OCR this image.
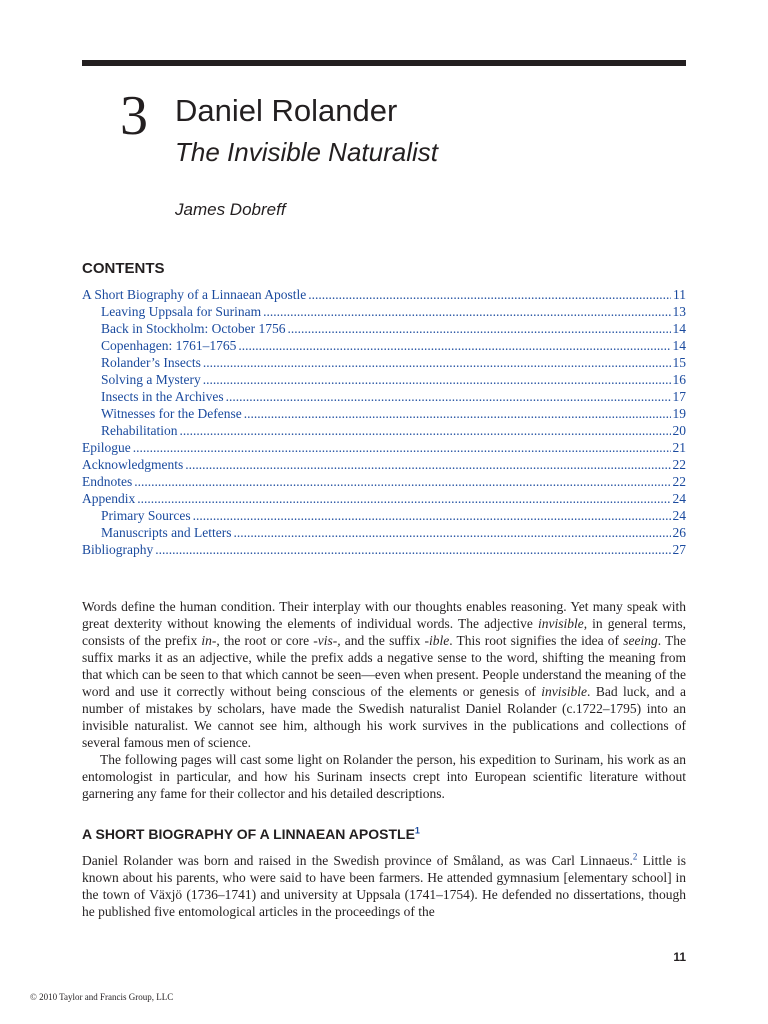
3 Daniel Rolander
The Invisible Naturalist
James Dobreff
CONTENTS
A Short Biography of a Linnaean Apostle .....	11
Leaving Uppsala for Surinam .....	13
Back in Stockholm: October 1756 .....	14
Copenhagen: 1761–1765 .....	14
Rolander’s Insects .....	15
Solving a Mystery .....	16
Insects in the Archives .....	17
Witnesses for the Defense .....	19
Rehabilitation .....	20
Epilogue .....	21
Acknowledgments .....	22
Endnotes .....	22
Appendix .....	24
Primary Sources .....	24
Manuscripts and Letters .....	26
Bibliography .....	27
Words define the human condition. Their interplay with our thoughts enables reasoning. Yet many speak with great dexterity without knowing the elements of individual words. The adjective invisible, in general terms, consists of the prefix in-, the root or core -vis-, and the suffix -ible. This root signifies the idea of seeing. The suffix marks it as an adjective, while the prefix adds a negative sense to the word, shifting the meaning from that which can be seen to that which cannot be seen—even when present. People understand the meaning of the word and use it correctly without being conscious of the elements or genesis of invisible. Bad luck, and a number of mistakes by scholars, have made the Swedish naturalist Daniel Rolander (c.1722–1795) into an invisible naturalist. We cannot see him, although his work survives in the publications and collections of several famous men of science.
The following pages will cast some light on Rolander the person, his expedition to Surinam, his work as an entomologist in particular, and how his Surinam insects crept into European scientific literature without garnering any fame for their collector and his detailed descriptions.
A SHORT BIOGRAPHY OF A LINNAEAN APOSTLE$^1$
Daniel Rolander was born and raised in the Swedish province of Småland, as was Carl Linnaeus.$^2$ Little is known about his parents, who were said to have been farmers. He attended gymnasium [elementary school] in the town of Växjö (1736–1741) and university at Uppsala (1741–1754). He defended no dissertations, though he published five entomological articles in the proceedings of the
11
© 2010 Taylor and Francis Group, LLC
